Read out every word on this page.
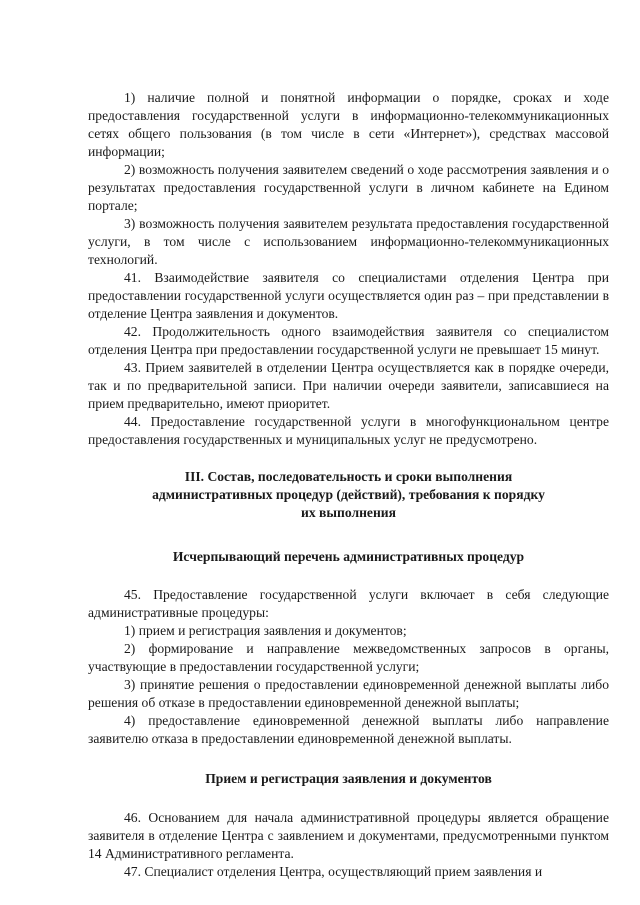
1) наличие полной и понятной информации о порядке, сроках и ходе предоставления государственной услуги в информационно-телекоммуникационных сетях общего пользования (в том числе в сети «Интернет»), средствах массовой информации;

2) возможность получения заявителем сведений о ходе рассмотрения заявления и о результатах предоставления государственной услуги в личном кабинете на Едином портале;

3) возможность получения заявителем результата предоставления государственной услуги, в том числе с использованием информационно-телекоммуникационных технологий.

41. Взаимодействие заявителя со специалистами отделения Центра при предоставлении государственной услуги осуществляется один раз – при представлении в отделение Центра заявления и документов.

42. Продолжительность одного взаимодействия заявителя со специалистом отделения Центра при предоставлении государственной услуги не превышает 15 минут.

43. Прием заявителей в отделении Центра осуществляется как в порядке очереди, так и по предварительной записи. При наличии очереди заявители, записавшиеся на прием предварительно, имеют приоритет.

44. Предоставление государственной услуги в многофункциональном центре предоставления государственных и муниципальных услуг не предусмотрено.

III. Состав, последовательность и сроки выполнения
административных процедур (действий), требования к порядку
их выполнения
Исчерпывающий перечень административных процедур

45. Предоставление государственной услуги включает в себя следующие административные процедуры:

1) прием и регистрация заявления и документов;

2) формирование и направление межведомственных запросов в органы, участвующие в предоставлении государственной услуги;

3) принятие решения о предоставлении единовременной денежной выплаты либо решения об отказе в предоставлении единовременной денежной выплаты;

4) предоставление единовременной денежной выплаты либо направление заявителю отказа в предоставлении единовременной денежной выплаты.

Прием и регистрация заявления и документов

46. Основанием для начала административной процедуры является обращение заявителя в отделение Центра с заявлением и документами, предусмотренными пунктом 14 Административного регламента.

47. Специалист отделения Центра, осуществляющий прием заявления и
